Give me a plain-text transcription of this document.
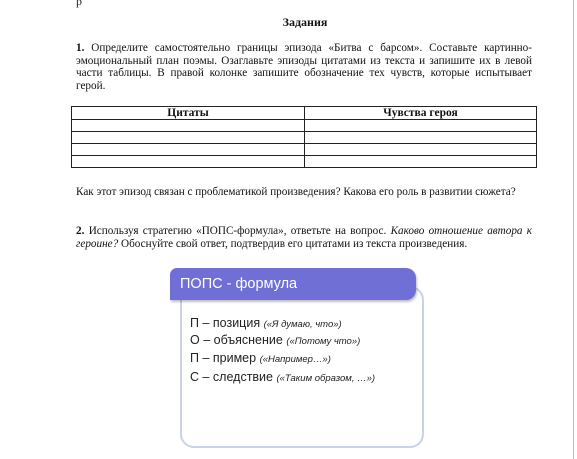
р
Задания

1. Определите самостоятельно границы эпизода «Битва с барсом». Составьте картинно-эмоциональный план поэмы. Озаглавьте эпизоды цитатами из текста и запишите их в левой части таблицы. В правой колонке запишите обозначение тех чувств, которые испытывает герой.

Цитаты	Чувства героя

Как этот эпизод связан с проблематикой произведения? Какова его роль в развитии сюжета?

2. Используя стратегию «ПОПС-формула», ответьте на вопрос. Каково отношение автора к героине? Обоснуйте свой ответ, подтвердив его цитатами из текста произведения.

ПОПС - формула
П – позиция («Я думаю, что»)
О – объяснение («Потому что»)
П – пример («Например…»)
С – следствие («Таким образом, …»)
